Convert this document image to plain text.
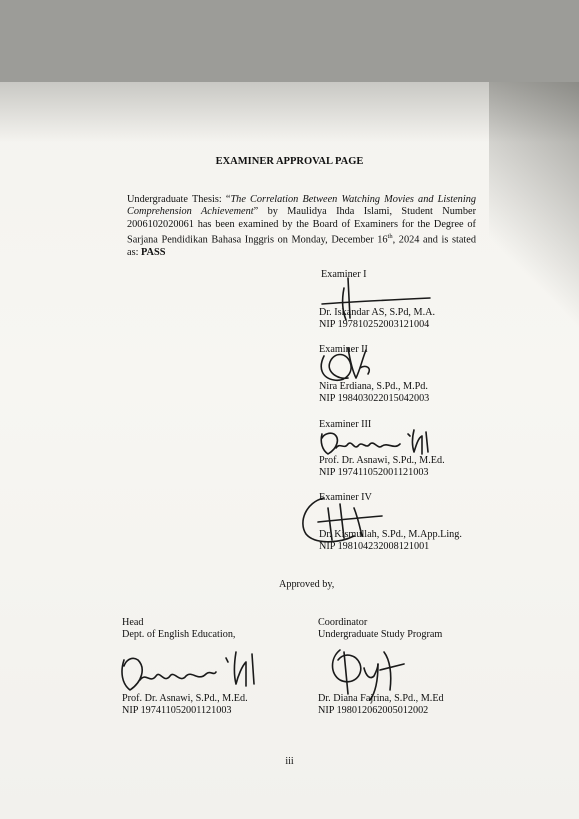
EXAMINER APPROVAL PAGE
Undergraduate Thesis: “The Correlation Between Watching Movies and Listening
Comprehension Achievement” by Maulidya Ihda Islami, Student Number
2006102020061 has been examined by the Board of Examiners for the Degree of
Sarjana Pendidikan Bahasa Inggris on Monday, December 16th, 2024 and is stated
as: PASS
Examiner I
Dr. Iskandar AS, S.Pd, M.A.
NIP 197810252003121004
Examiner II
Nira Erdiana, S.Pd., M.Pd.
NIP 198403022015042003
Examiner III
Prof. Dr. Asnawi, S.Pd., M.Ed.
NIP 197411052001121003
Examiner IV
Dr. Kismullah, S.Pd., M.App.Ling.
NIP 198104232008121001
Approved by,
Head
Dept. of English Education,
Prof. Dr. Asnawi, S.Pd., M.Ed.
NIP 197411052001121003
Coordinator
Undergraduate Study Program
Dr. Diana Fajrina, S.Pd., M.Ed
NIP 198012062005012002
iii
